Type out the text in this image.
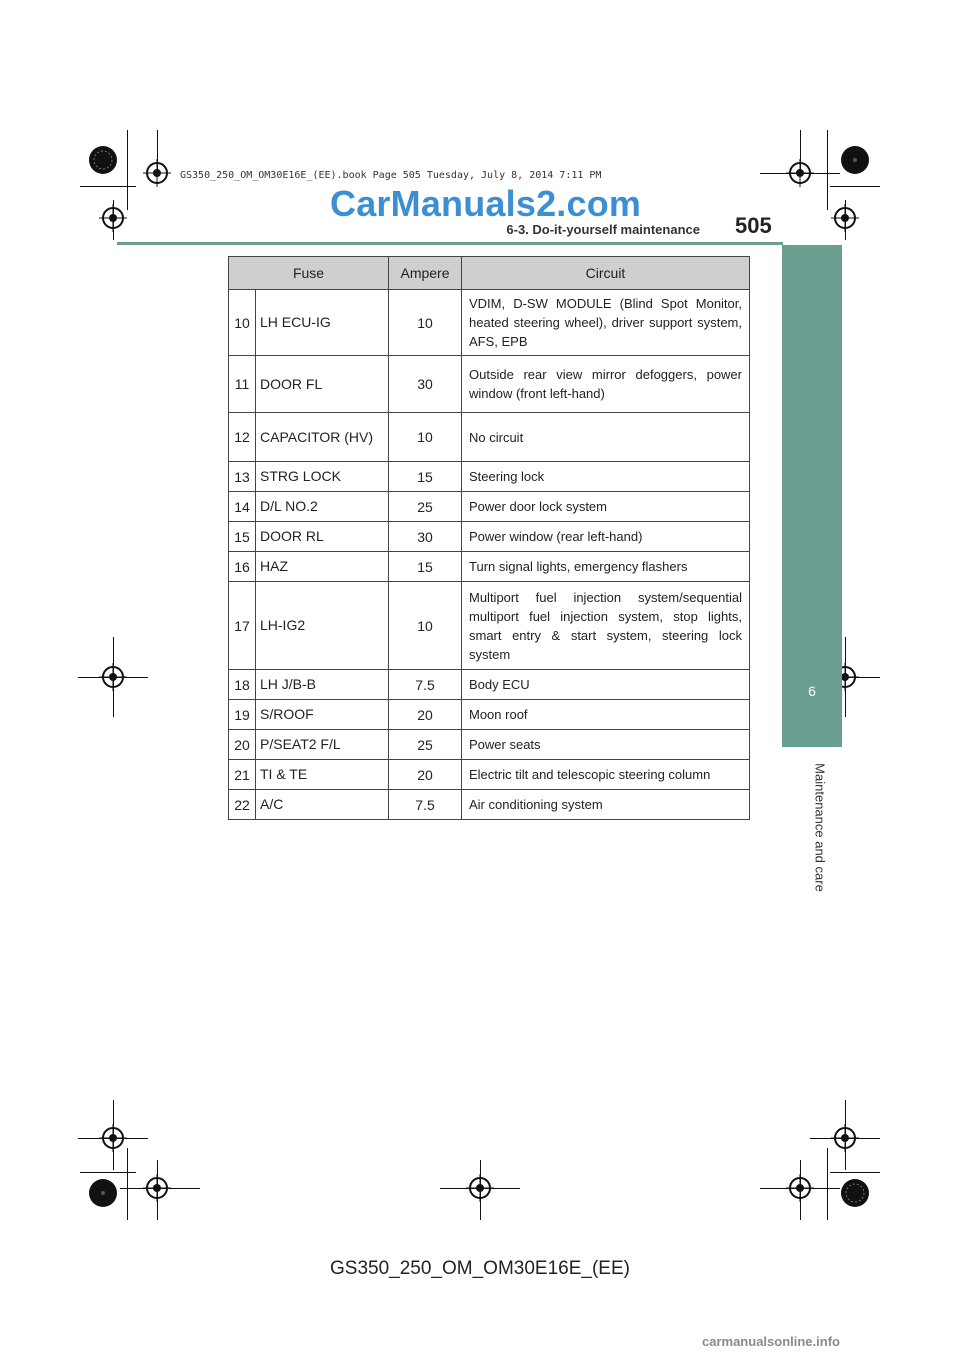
GS350_250_OM_OM30E16E_(EE).book Page 505 Tuesday, July 8, 2014 7:11 PM
CarManuals2.com
6-3. Do-it-yourself maintenance 505
6
Maintenance and care
Fuse		Ampere	Circuit
10	LH ECU-IG	10	VDIM, D-SW MODULE (Blind Spot Monitor, heated steering wheel), driver support system, AFS, EPB
11	DOOR FL	30	Outside rear view mirror defoggers, power window (front left-hand)
12	CAPACITOR (HV)	10	No circuit
13	STRG LOCK	15	Steering lock
14	D/L NO.2	25	Power door lock system
15	DOOR RL	30	Power window (rear left-hand)
16	HAZ	15	Turn signal lights, emergency flashers
17	LH-IG2	10	Multiport fuel injection system/sequential multiport fuel injection system, stop lights, smart entry & start system, steering lock system
18	LH J/B-B	7.5	Body ECU
19	S/ROOF	20	Moon roof
20	P/SEAT2 F/L	25	Power seats
21	TI & TE	20	Electric tilt and telescopic steering column
22	A/C	7.5	Air conditioning system
GS350_250_OM_OM30E16E_(EE)
carmanualsonline.info
